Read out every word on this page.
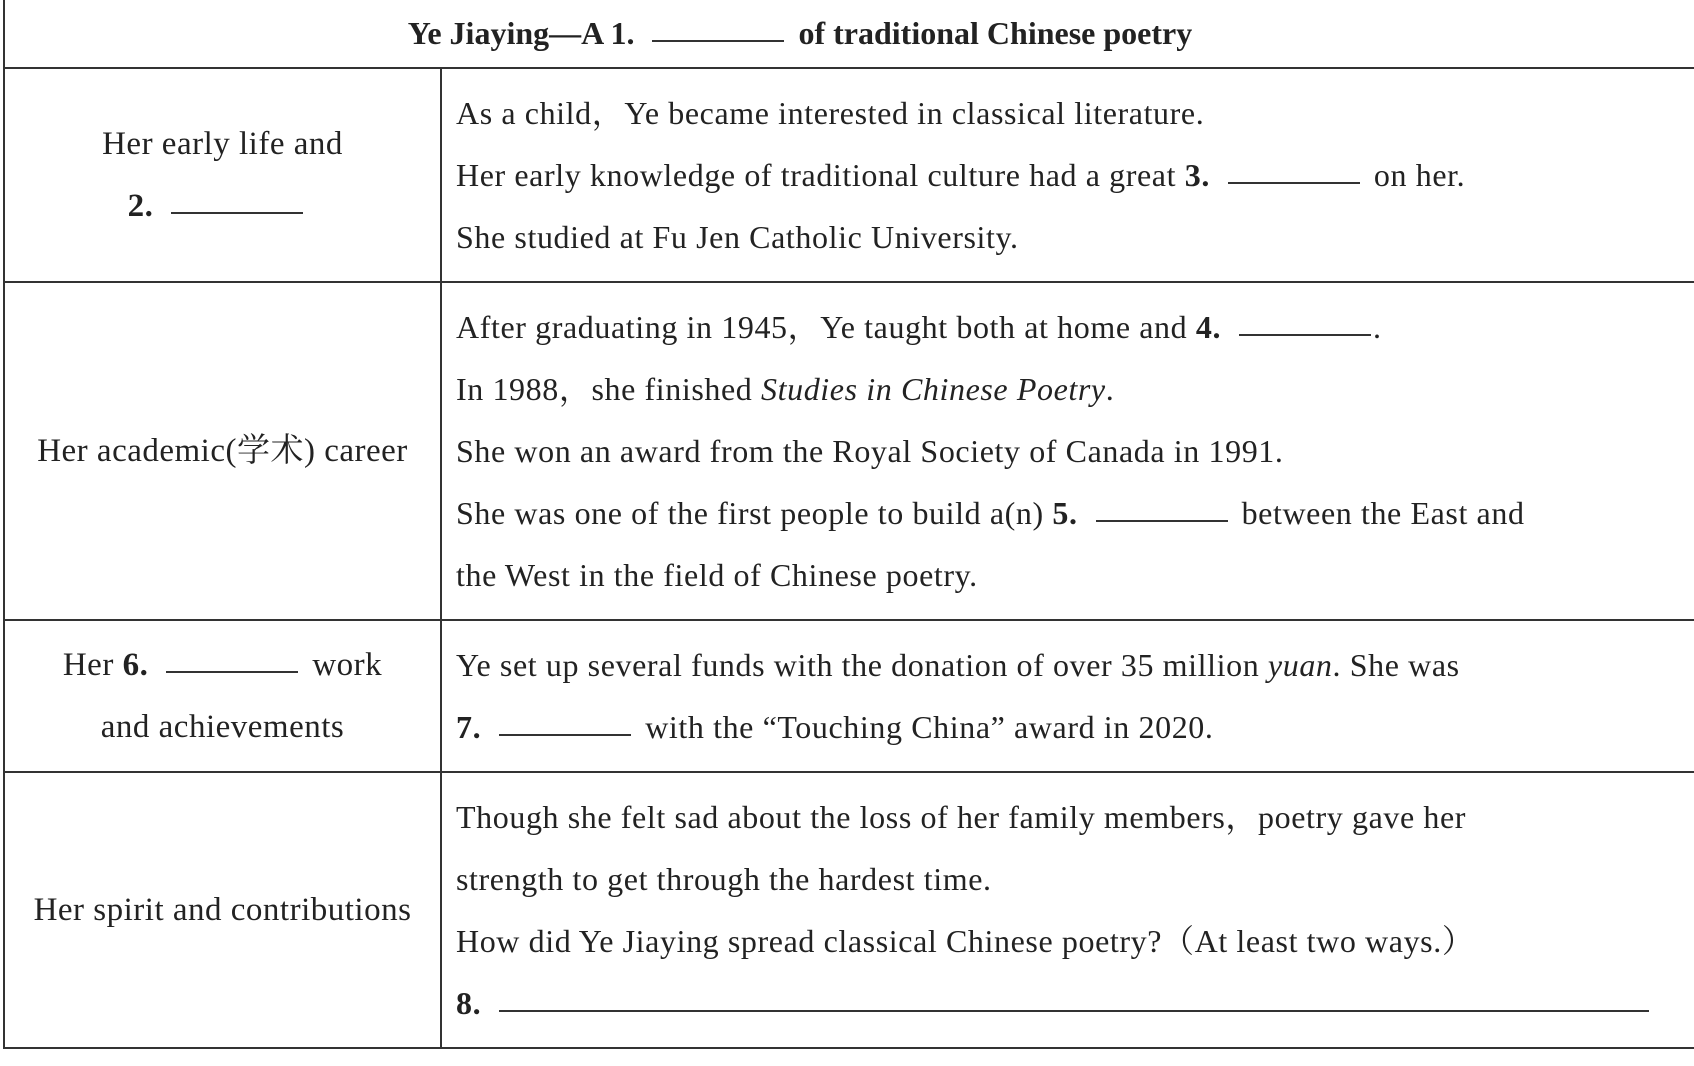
Ye Jiaying—A 1. of traditional Chinese poetry	

Her early life and
2.	As a child，Ye became interested in classical literature.
Her early knowledge of traditional culture had a great 3. on her.
She studied at Fu Jen Catholic University.

Her academic(学术) career	After graduating in 1945，Ye taught both at home and 4. .
In 1988，she finished Studies in Chinese Poetry.
She won an award from the Royal Society of Canada in 1991.
She was one of the first people to build a(n) 5. between the East and
the West in the field of Chinese poetry.

Her 6. work
and achievements	Ye set up several funds with the donation of over 35 million yuan. She was
7. with the “Touching China” award in 2020.

Her spirit and contributions	Though she felt sad about the loss of her family members，poetry gave her
strength to get through the hardest time.
How did Ye Jiaying spread classical Chinese poetry?（At least two ways.）
8.
